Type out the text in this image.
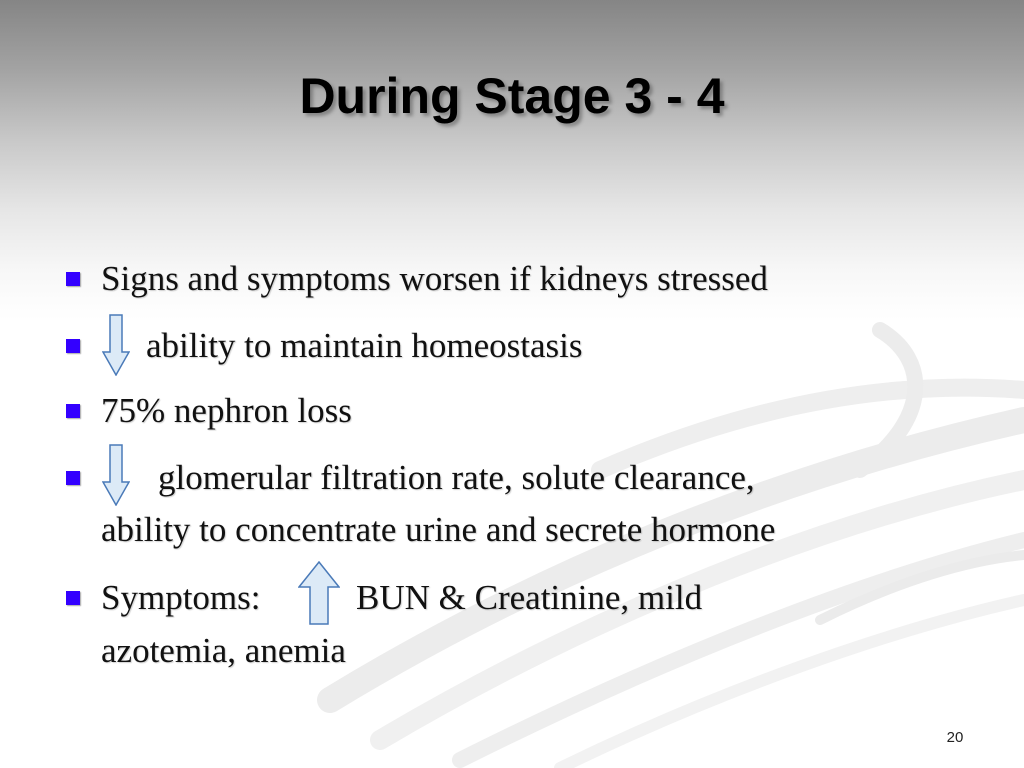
During Stage 3 - 4
Signs and symptoms worsen if kidneys stressed
ability to maintain homeostasis
75% nephron loss
glomerular filtration rate, solute clearance,
ability to concentrate urine and secrete hormone
Symptoms:	BUN & Creatinine, mild
azotemia, anemia
20
